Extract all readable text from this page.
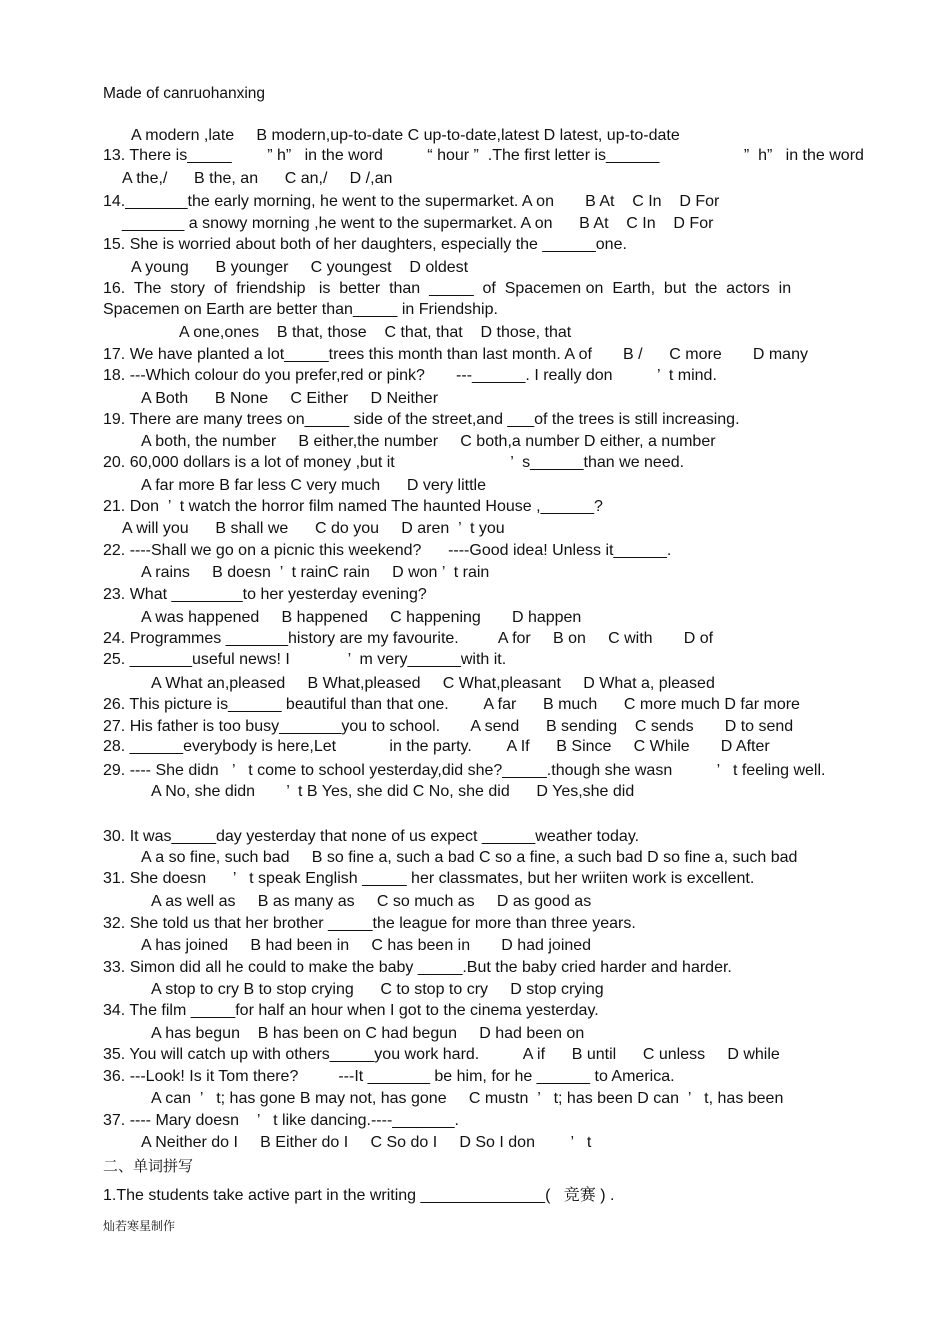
Made of canruohanxing
A modern ,late     B modern,up-to-date C up-to-date,latest D latest, up-to-date
13. There is_____        ” h”   in the word          “ hour ”  .The first letter is______                   ”  h”   in the word
A the,/      B the, an      C an,/     D /,an
14._______the early morning, he went to the supermarket. A on       B At    C In    D For
_______ a snowy morning ,he went to the supermarket. A on      B At    C In    D For
15. She is worried about both of her daughters, especially the ______one.
A young      B younger     C youngest    D oldest
16.  The  story  of  friendship   is  better  than  _____  of  Spacemen on  Earth,  but  the  actors  in
Spacemen on Earth are better than_____ in Friendship.
A one,ones    B that, those    C that, that    D those, that
17. We have planted a lot_____trees this month than last month. A of       B /      C more       D many
18. ---Which colour do you prefer,red or pink?       ---______. I really don          ’  t mind.
A Both      B None     C Either     D Neither
19. There are many trees on_____ side of the street,and ___of the trees is still increasing.
A both, the number     B either,the number     C both,a number D either, a number
20. 60,000 dollars is a lot of money ,but it                          ’  s______than we need.
A far more B far less C very much      D very little
21. Don  ’  t watch the horror film named The haunted House ,______?
A will you      B shall we      C do you     D aren  ’  t you
22. ----Shall we go on a picnic this weekend?      ----Good idea! Unless it______.
A rains     B doesn  ’  t rainC rain     D won ’  t rain
23. What ________to her yesterday evening?
A was happened     B happened     C happening       D happen
24. Programmes _______history are my favourite.         A for     B on     C with       D of
25. _______useful news! I             ’  m very______with it.
A What an,pleased     B What,pleased     C What,pleasant     D What a, pleased
26. This picture is______ beautiful than that one.        A far      B much      C more much D far more
27. His father is too busy_______you to school.       A send      B sending    C sends       D to send
28. ______everybody is here,Let            in the party.        A If      B Since     C While       D After
29. ---- She didn   ’   t come to school yesterday,did she?_____.though she wasn          ’   t feeling well.
A No, she didn       ’  t B Yes, she did C No, she did      D Yes,she did
30. It was_____day yesterday that none of us expect ______weather today.
A a so fine, such bad     B so fine a, such a bad C so a fine, a such bad D so fine a, such bad
31. She doesn      ’   t speak English _____ her classmates, but her wriiten work is excellent.
A as well as     B as many as     C so much as     D as good as
32. She told us that her brother _____the league for more than three years.
A has joined     B had been in     C has been in       D had joined
33. Simon did all he could to make the baby _____.But the baby cried harder and harder.
A stop to cry B to stop crying      C to stop to cry     D stop crying
34. The film _____for half an hour when I got to the cinema yesterday.
A has begun    B has been on C had begun     D had been on
35. You will catch up with others_____you work hard.          A if      B until      C unless     D while
36. ---Look! Is it Tom there?         ---It _______ be him, for he ______ to America.
A can  ’   t; has gone B may not, has gone     C mustn  ’   t; has been D can  ’   t, has been
37. ---- Mary doesn    ’   t like dancing.----_______.
A Neither do I     B Either do I     C So do I     D So I don        ’   t
二、单词拼写
1.The students take active part in the writing ______________(   竞赛 ) .
灿若寒星制作
